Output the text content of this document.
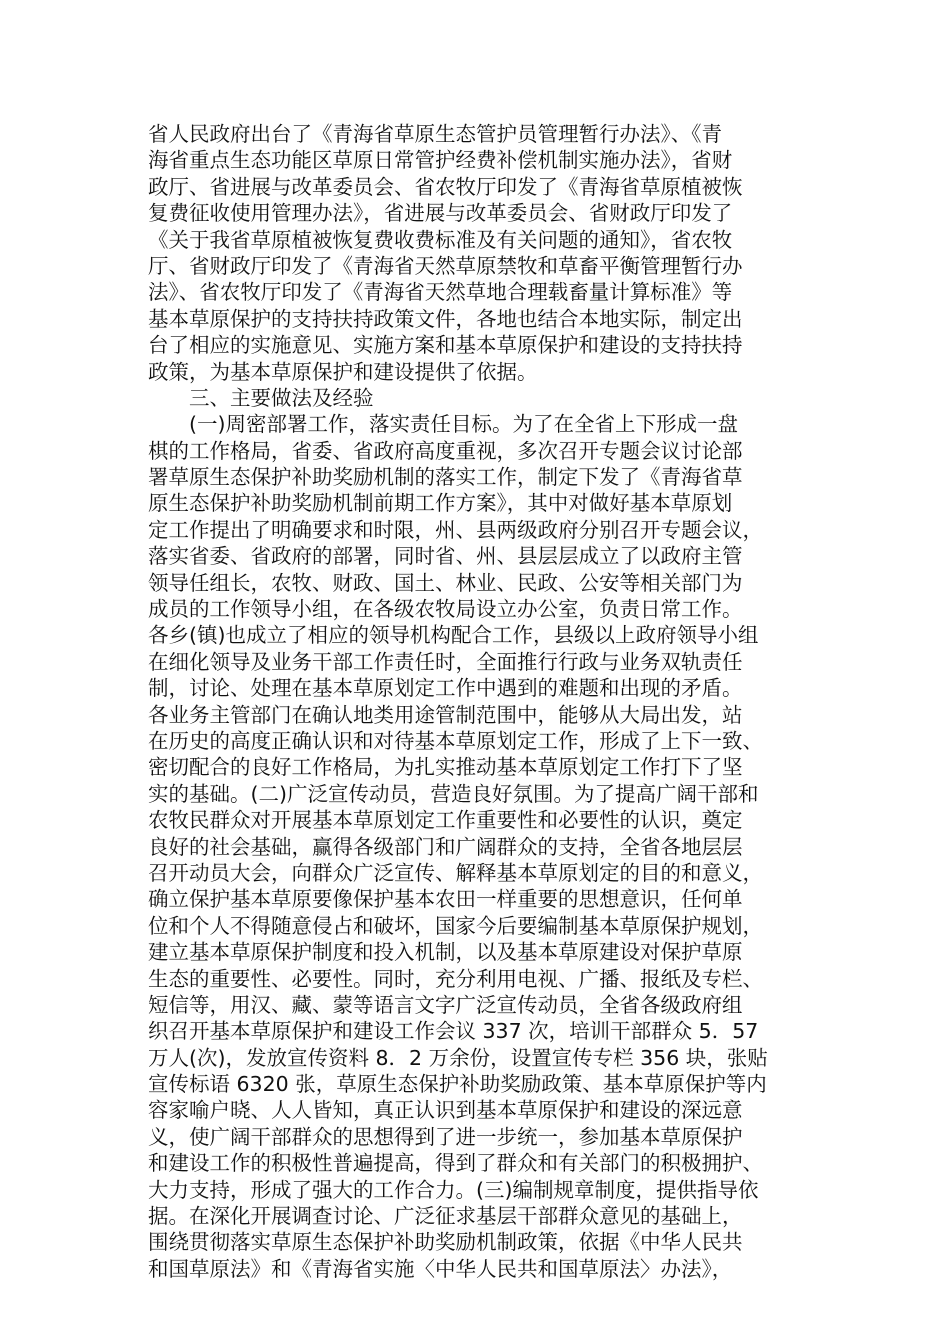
省人民政府出台了《青海省草原生态管护员管理暂行办法》、《青
海省重点生态功能区草原日常管护经费补偿机制实施办法》，省财
政厅、省进展与改革委员会、省农牧厅印发了《青海省草原植被恢
复费征收使用管理办法》，省进展与改革委员会、省财政厅印发了
《关于我省草原植被恢复费收费标准及有关问题的通知》，省农牧
厅、省财政厅印发了《青海省天然草原禁牧和草畜平衡管理暂行办
法》、省农牧厅印发了《青海省天然草地合理载畜量计算标准》等
基本草原保护的支持扶持政策文件，各地也结合本地实际，制定出
台了相应的实施意见、实施方案和基本草原保护和建设的支持扶持
政策，为基本草原保护和建设提供了依据。
　　三、主要做法及经验
　　(一)周密部署工作，落实责任目标。为了在全省上下形成一盘
棋的工作格局，省委、省政府高度重视，多次召开专题会议讨论部
署草原生态保护补助奖励机制的落实工作，制定下发了《青海省草
原生态保护补助奖励机制前期工作方案》，其中对做好基本草原划
定工作提出了明确要求和时限，州、县两级政府分别召开专题会议，
落实省委、省政府的部署，同时省、州、县层层成立了以政府主管
领导任组长，农牧、财政、国土、林业、民政、公安等相关部门为
成员的工作领导小组，在各级农牧局设立办公室，负责日常工作。
各乡(镇)也成立了相应的领导机构配合工作，县级以上政府领导小组
在细化领导及业务干部工作责任时，全面推行行政与业务双轨责任
制，讨论、处理在基本草原划定工作中遇到的难题和出现的矛盾。
各业务主管部门在确认地类用途管制范围中，能够从大局出发，站
在历史的高度正确认识和对待基本草原划定工作，形成了上下一致、
密切配合的良好工作格局，为扎实推动基本草原划定工作打下了坚
实的基础。(二)广泛宣传动员，营造良好氛围。为了提高广阔干部和
农牧民群众对开展基本草原划定工作重要性和必要性的认识，奠定
良好的社会基础，赢得各级部门和广阔群众的支持，全省各地层层
召开动员大会，向群众广泛宣传、解释基本草原划定的目的和意义，
确立保护基本草原要像保护基本农田一样重要的思想意识，任何单
位和个人不得随意侵占和破坏，国家今后要编制基本草原保护规划，
建立基本草原保护制度和投入机制，以及基本草原建设对保护草原
生态的重要性、必要性。同时，充分利用电视、广播、报纸及专栏、
短信等，用汉、藏、蒙等语言文字广泛宣传动员，全省各级政府组
织召开基本草原保护和建设工作会议 337 次，培训干部群众 5．57
万人(次)，发放宣传资料 8．2 万余份，设置宣传专栏 356 块，张贴
宣传标语 6320 张，草原生态保护补助奖励政策、基本草原保护等内
容家喻户晓、人人皆知，真正认识到基本草原保护和建设的深远意
义，使广阔干部群众的思想得到了进一步统一，参加基本草原保护
和建设工作的积极性普遍提高，得到了群众和有关部门的积极拥护、
大力支持，形成了强大的工作合力。(三)编制规章制度，提供指导依
据。在深化开展调查讨论、广泛征求基层干部群众意见的基础上，
围绕贯彻落实草原生态保护补助奖励机制政策，依据《中华人民共
和国草原法》和《青海省实施〈中华人民共和国草原法〉办法》，
